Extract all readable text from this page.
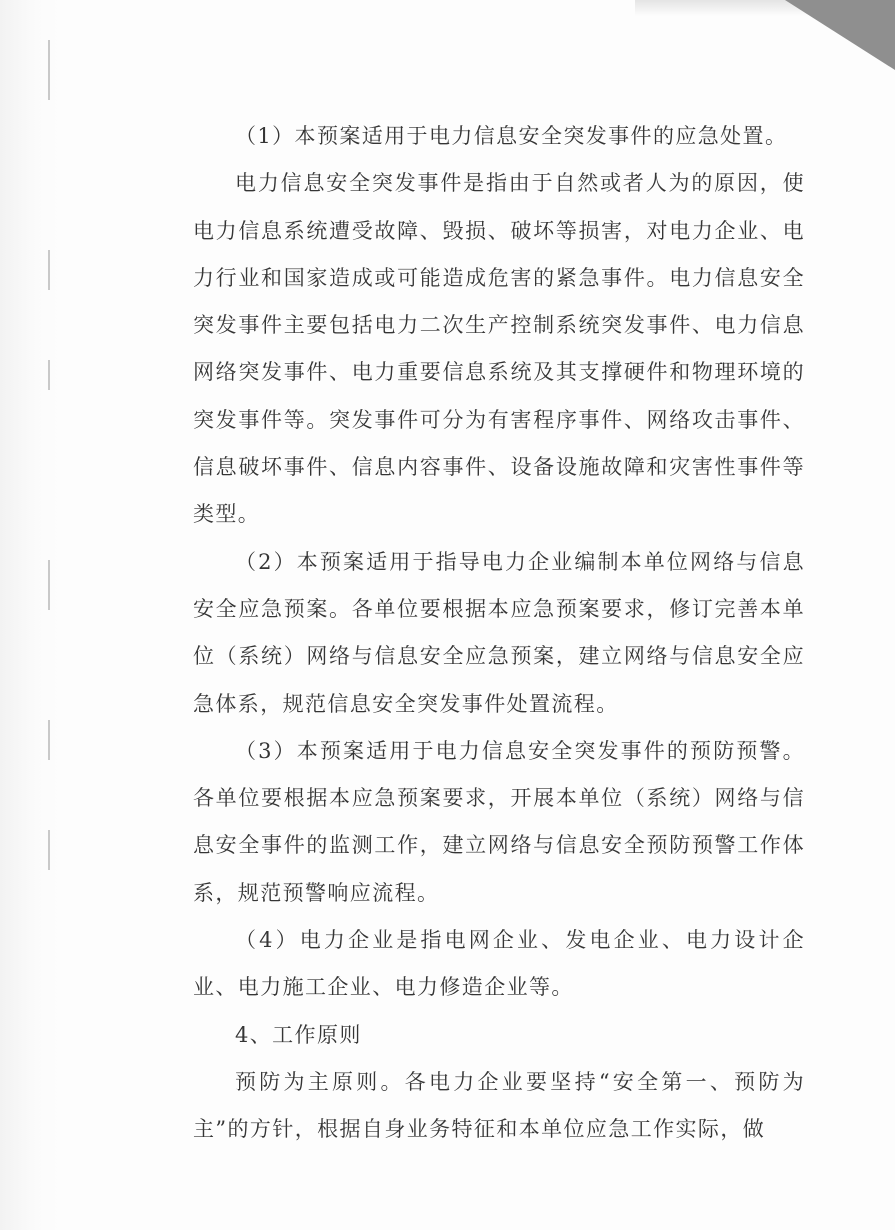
（1）本预案适用于电力信息安全突发事件的应急处置。

电力信息安全突发事件是指由于自然或者人为的原因，使电力信息系统遭受故障、毁损、破坏等损害，对电力企业、电力行业和国家造成或可能造成危害的紧急事件。电力信息安全突发事件主要包括电力二次生产控制系统突发事件、电力信息网络突发事件、电力重要信息系统及其支撑硬件和物理环境的突发事件等。突发事件可分为有害程序事件、网络攻击事件、信息破坏事件、信息内容事件、设备设施故障和灾害性事件等类型。

（2）本预案适用于指导电力企业编制本单位网络与信息安全应急预案。各单位要根据本应急预案要求，修订完善本单位（系统）网络与信息安全应急预案，建立网络与信息安全应急体系，规范信息安全突发事件处置流程。

（3）本预案适用于电力信息安全突发事件的预防预警。各单位要根据本应急预案要求，开展本单位（系统）网络与信息安全事件的监测工作，建立网络与信息安全预防预警工作体系，规范预警响应流程。

（4）电力企业是指电网企业、发电企业、电力设计企业、电力施工企业、电力修造企业等。

4、工作原则

预防为主原则。各电力企业要坚持“安全第一、预防为主”的方针，根据自身业务特征和本单位应急工作实际，做
